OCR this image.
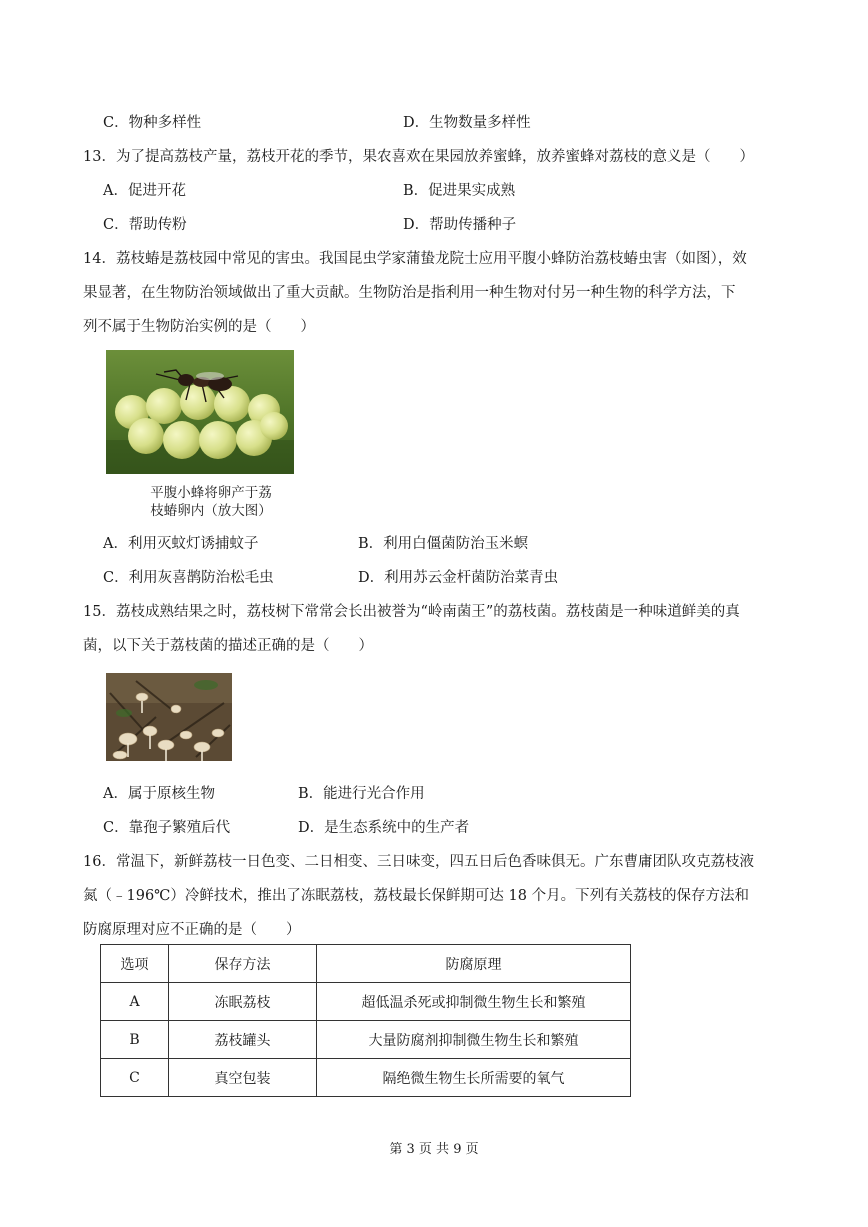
C．物种多样性	D．生物数量多样性
13．为了提高荔枝产量，荔枝开花的季节，果农喜欢在果园放养蜜蜂，放养蜜蜂对荔枝的意义是（　　）
A．促进开花	B．促进果实成熟
C．帮助传粉	D．帮助传播种子
14．荔枝蝽是荔枝园中常见的害虫。我国昆虫学家蒲蛰龙院士应用平腹小蜂防治荔枝蝽虫害（如图），效
果显著，在生物防治领域做出了重大贡献。生物防治是指利用一种生物对付另一种生物的科学方法，下
列不属于生物防治实例的是（　　）
平腹小蜂将卵产于荔
枝蝽卵内（放大图）
A．利用灭蚊灯诱捕蚊子	B．利用白僵菌防治玉米螟
C．利用灰喜鹊防治松毛虫	D．利用苏云金杆菌防治菜青虫
15．荔枝成熟结果之时，荔枝树下常常会长出被誉为“岭南菌王”的荔枝菌。荔枝菌是一种味道鲜美的真
菌，以下关于荔枝菌的描述正确的是（　　）
A．属于原核生物	B．能进行光合作用
C．靠孢子繁殖后代	D．是生态系统中的生产者
16．常温下，新鲜荔枝一日色变、二日相变、三日味变，四五日后色香味俱无。广东曹庸团队攻克荔枝液
氮（﹣196℃）冷鲜技术，推出了冻眠荔枝，荔枝最长保鲜期可达 18 个月。下列有关荔枝的保存方法和
防腐原理对应不正确的是（　　）
选项	保存方法	防腐原理
A	冻眠荔枝	超低温杀死或抑制微生物生长和繁殖
B	荔枝罐头	大量防腐剂抑制微生物生长和繁殖
C	真空包装	隔绝微生物生长所需要的氧气
第 3 页 共 9 页
